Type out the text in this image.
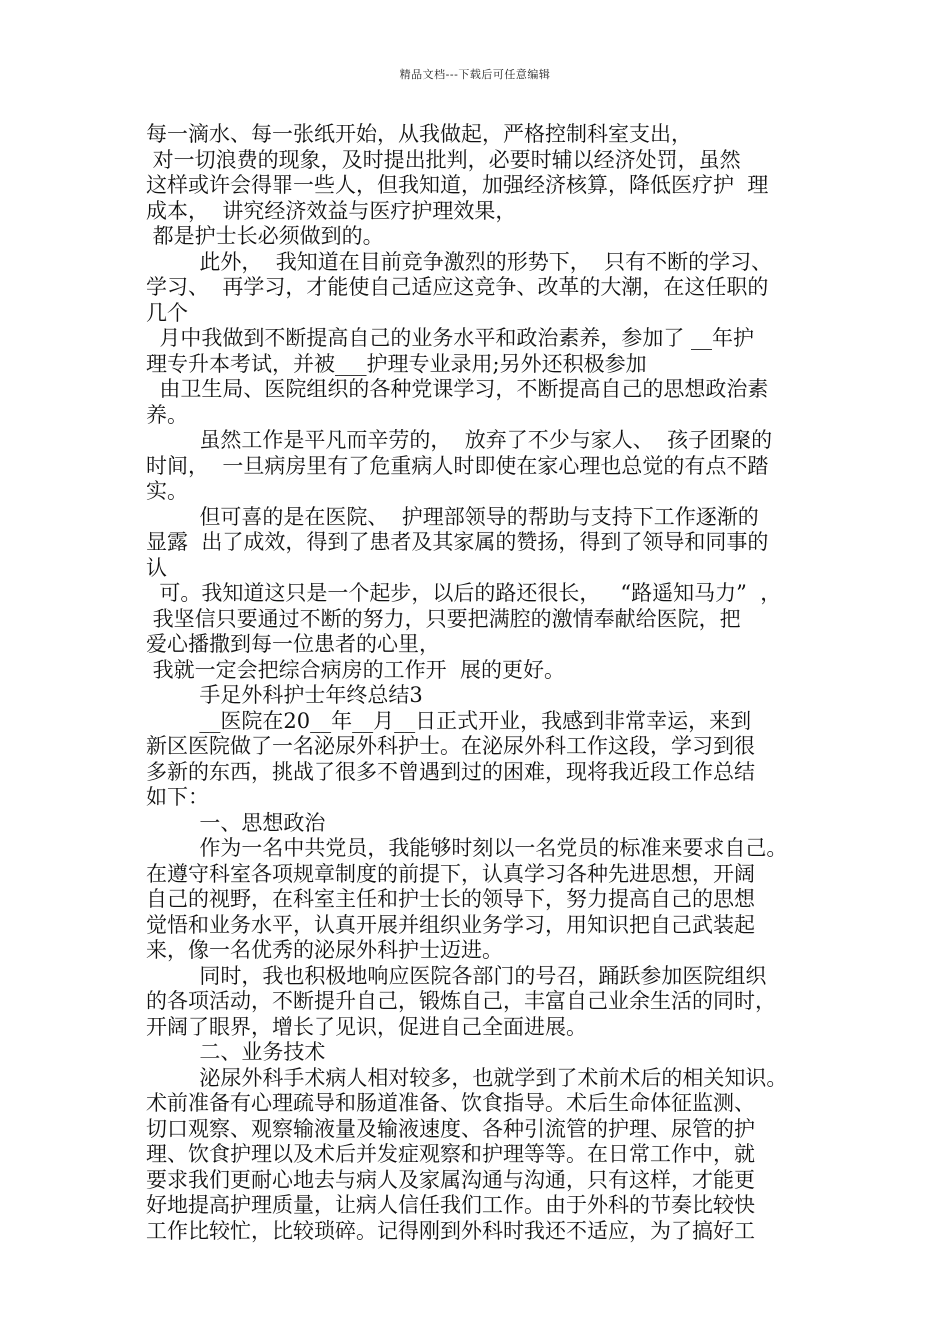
精品文档---下载后可任意编辑
每一滴水、每一张纸开始，从我做起，严格控制科室支出，
对一切浪费的现象，及时提出批判，必要时辅以经济处罚，虽然
这样或许会得罪一些人，但我知道，加强经济核算，降低医疗护  理
成本，  讲究经济效益与医疗护理效果，
都是护士长必须做到的。
此外，  我知道在目前竞争激烈的形势下，  只有不断的学习、
学习、  再学习，才能使自己适应这竞争、改革的大潮，在这任职的
几个
月中我做到不断提高自己的业务水平和政治素养，参加了 __年护
理专升本考试，并被___护理专业录用;另外还积极参加
由卫生局、医院组织的各种党课学习，不断提高自己的思想政治素
养。
虽然工作是平凡而辛劳的，  放弃了不少与家人、  孩子团聚的
时间，  一旦病房里有了危重病人时即使在家心理也总觉的有点不踏
实。
但可喜的是在医院、  护理部领导的帮助与支持下工作逐渐的
显露  出了成效，得到了患者及其家属的赞扬，得到了领导和同事的
认
可。我知道这只是一个起步，以后的路还很长，   “路遥知马力”  ，
我坚信只要通过不断的努力，只要把满腔的激情奉献给医院，把
爱心播撒到每一位患者的心里，
我就一定会把综合病房的工作开  展的更好。
手足外科护士年终总结3
__医院在20__年__月__日正式开业，我感到非常幸运，来到
新区医院做了一名泌尿外科护士。在泌尿外科工作这段，学习到很
多新的东西，挑战了很多不曾遇到过的困难，现将我近段工作总结
如下：
一、思想政治
作为一名中共党员，我能够时刻以一名党员的标准来要求自己。
在遵守科室各项规章制度的前提下，认真学习各种先进思想，开阔
自己的视野，在科室主任和护士长的领导下，努力提高自己的思想
觉悟和业务水平，认真开展并组织业务学习，用知识把自己武装起
来，像一名优秀的泌尿外科护士迈进。
同时，我也积极地响应医院各部门的号召，踊跃参加医院组织
的各项活动，不断提升自己，锻炼自己，丰富自己业余生活的同时，
开阔了眼界，增长了见识，促进自己全面进展。
二、业务技术
泌尿外科手术病人相对较多，也就学到了术前术后的相关知识。
术前准备有心理疏导和肠道准备、饮食指导。术后生命体征监测、
切口观察、观察输液量及输液速度、各种引流管的护理、尿管的护
理、饮食护理以及术后并发症观察和护理等等。在日常工作中，就
要求我们更耐心地去与病人及家属沟通与沟通，只有这样，才能更
好地提高护理质量，让病人信任我们工作。由于外科的节奏比较快
工作比较忙，比较琐碎。记得刚到外科时我还不适应，为了搞好工
